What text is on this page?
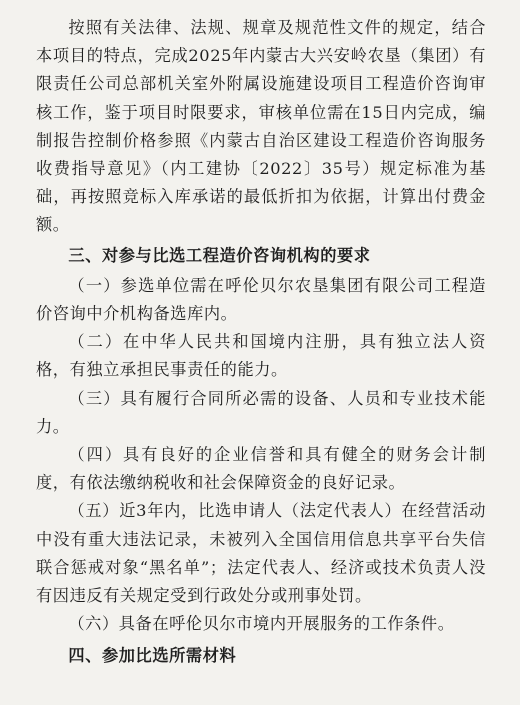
按照有关法律、法规、规章及规范性文件的规定，结合本项目的特点，完成2025年内蒙古大兴安岭农垦（集团）有限责任公司总部机关室外附属设施建设项目工程造价咨询审核工作，鉴于项目时限要求，审核单位需在15日内完成，编制报告控制价格参照《内蒙古自治区建设工程造价咨询服务收费指导意见》（内工建协〔2022〕35号）规定标准为基础，再按照竞标入库承诺的最低折扣为依据，计算出付费金额。

三、对参与比选工程造价咨询机构的要求

（一）参选单位需在呼伦贝尔农垦集团有限公司工程造价咨询中介机构备选库内。

（二）在中华人民共和国境内注册，具有独立法人资格，有独立承担民事责任的能力。

（三）具有履行合同所必需的设备、人员和专业技术能力。

（四）具有良好的企业信誉和具有健全的财务会计制度，有依法缴纳税收和社会保障资金的良好记录。

（五）近3年内，比选申请人（法定代表人）在经营活动中没有重大违法记录，未被列入全国信用信息共享平台失信联合惩戒对象“黑名单”；法定代表人、经济或技术负责人没有因违反有关规定受到行政处分或刑事处罚。

（六）具备在呼伦贝尔市境内开展服务的工作条件。

四、参加比选所需材料
